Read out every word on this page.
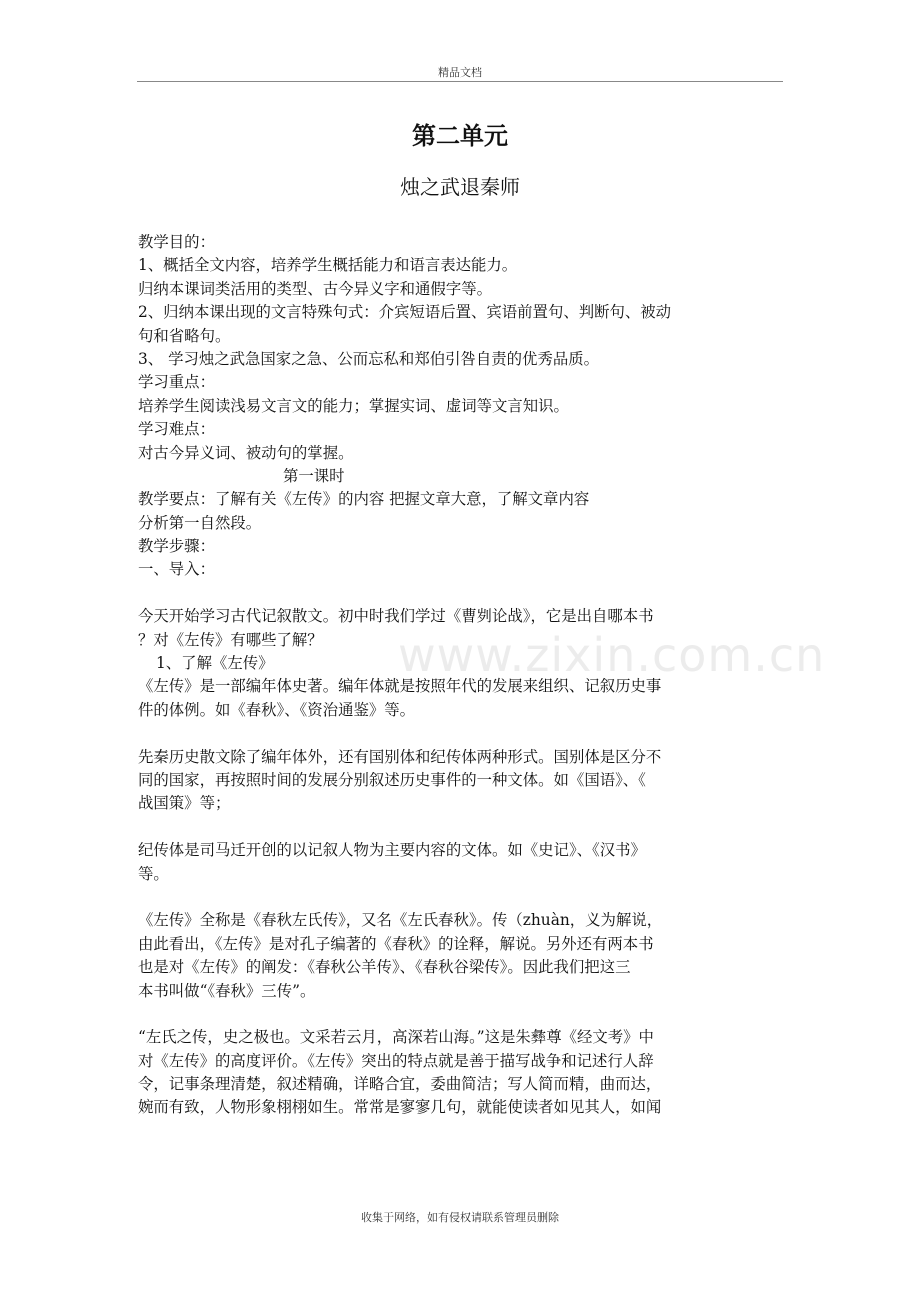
精品文档
第二单元
烛之武退秦师
www.zixin.com.cn
教学目的：
1、概括全文内容，培养学生概括能力和语言表达能力。
归纳本课词类活用的类型、古今异义字和通假字等。
2、归纳本课出现的文言特殊句式：介宾短语后置、宾语前置句、判断句、被动
句和省略句。
3、 学习烛之武急国家之急、公而忘私和郑伯引咎自责的优秀品质。
学习重点：
培养学生阅读浅易文言文的能力；掌握实词、虚词等文言知识。
学习难点：
对古今异义词、被动句的掌握。
第一课时
教学要点：了解有关《左传》的内容 把握文章大意，了解文章内容
分析第一自然段。
教学步骤：
一、导入：
今天开始学习古代记叙散文。初中时我们学过《曹刿论战》，它是出自哪本书
？对《左传》有哪些了解？
1、了解《左传》
《左传》是一部编年体史著。编年体就是按照年代的发展来组织、记叙历史事
件的体例。如《春秋》、《资治通鉴》等。
先秦历史散文除了编年体外，还有国别体和纪传体两种形式。国别体是区分不
同的国家，再按照时间的发展分别叙述历史事件的一种文体。如《国语》、《
战国策》等；
纪传体是司马迁开创的以记叙人物为主要内容的文体。如《史记》、《汉书》
等。
《左传》全称是《春秋左氏传》，又名《左氏春秋》。传（zhuàn，义为解说，
由此看出，《左传》是对孔子编著的《春秋》的诠释，解说。另外还有两本书
也是对《左传》的阐发：《春秋公羊传》、《春秋谷梁传》。因此我们把这三
本书叫做“《春秋》三传”。
“左氏之传，史之极也。文采若云月，高深若山海。”这是朱彝尊《经文考》中
对《左传》的高度评价。《左传》突出的特点就是善于描写战争和记述行人辞
令，记事条理清楚，叙述精确，详略合宜，委曲简洁；写人简而精，曲而达，
婉而有致，人物形象栩栩如生。常常是寥寥几句，就能使读者如见其人，如闻
收集于网络，如有侵权请联系管理员删除
